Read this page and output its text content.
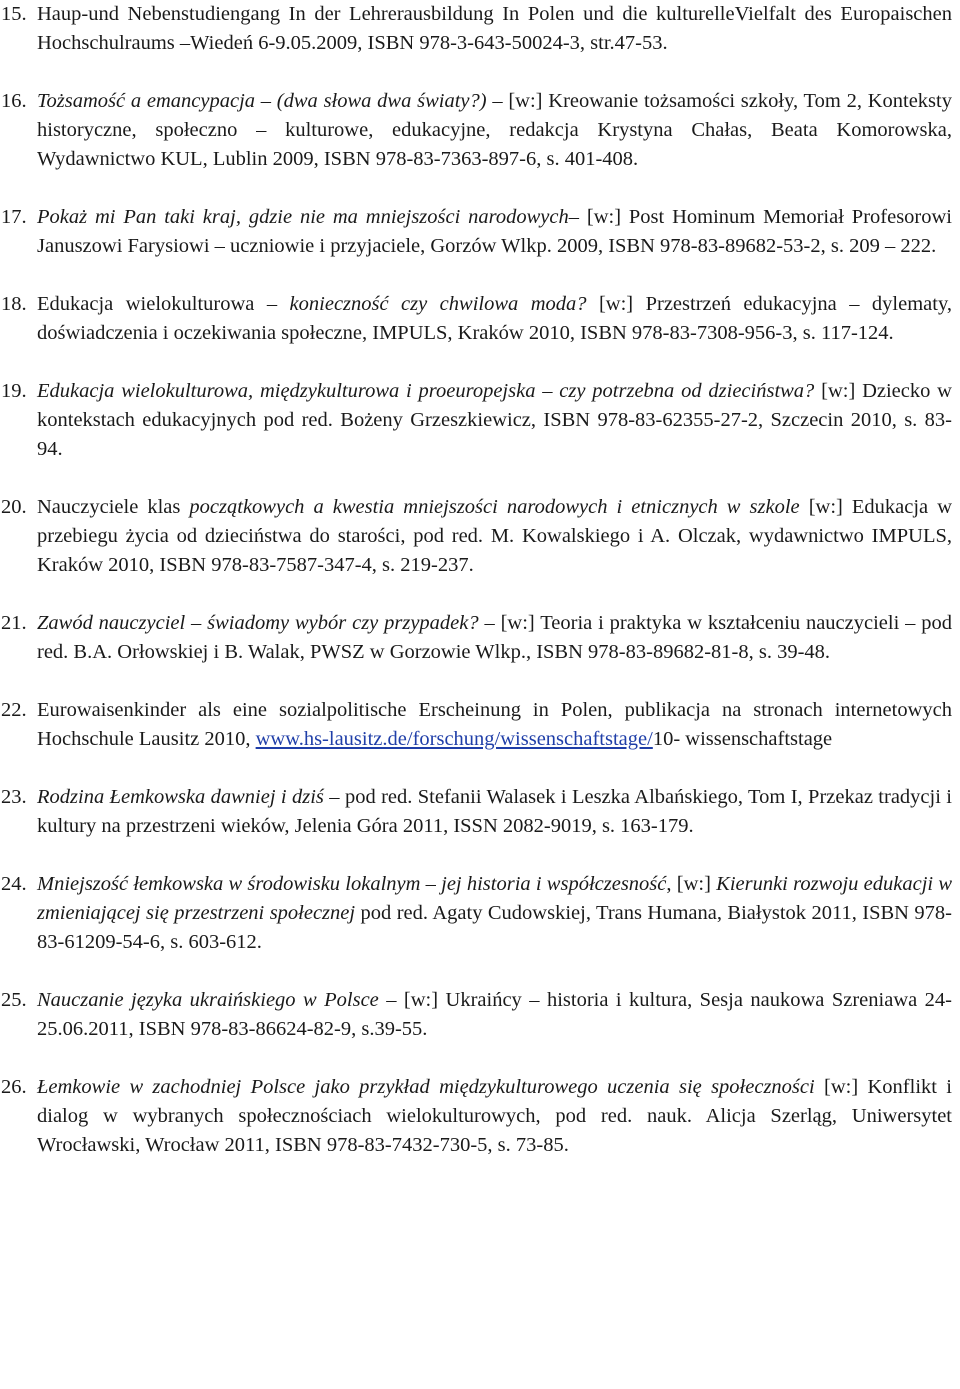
15. Haup-und Nebenstudiengang In der Lehrerausbildung In Polen und die kulturelleVielfalt des Europaischen Hochschulraums –Wiedeń 6-9.05.2009, ISBN 978-3-643-50024-3, str.47-53.
16. Tożsamość a emancypacja – (dwa słowa dwa światy?) – [w:] Kreowanie tożsamości szkoły, Tom 2, Konteksty historyczne, społeczno – kulturowe, edukacyjne, redakcja Krystyna Chałas, Beata Komorowska, Wydawnictwo KUL, Lublin 2009, ISBN 978-83-7363-897-6, s. 401-408.
17. Pokaż mi Pan taki kraj, gdzie nie ma mniejszości narodowych– [w:] Post Hominum Memoriał Profesorowi Januszowi Farysiowi – uczniowie i przyjaciele, Gorzów Wlkp. 2009, ISBN 978-83-89682-53-2, s. 209 – 222.
18. Edukacja wielokulturowa – konieczność czy chwilowa moda? [w:] Przestrzeń edukacyjna – dylematy, doświadczenia i oczekiwania społeczne, IMPULS, Kraków 2010, ISBN 978-83-7308-956-3, s. 117-124.
19. Edukacja wielokulturowa, międzykulturowa i proeuropejska – czy potrzebna od dzieciństwa? [w:] Dziecko w kontekstach edukacyjnych pod red. Bożeny Grzeszkiewicz, ISBN 978-83-62355-27-2, Szczecin 2010, s. 83-94.
20. Nauczyciele klas początkowych a kwestia mniejszości narodowych i etnicznych w szkole [w:] Edukacja w przebiegu życia od dzieciństwa do starości, pod red. M. Kowalskiego i A. Olczak, wydawnictwo IMPULS, Kraków 2010, ISBN 978-83-7587-347-4, s. 219-237.
21. Zawód nauczyciel – świadomy wybór czy przypadek? – [w:] Teoria i praktyka w kształceniu nauczycieli – pod red. B.A. Orłowskiej i B. Walak, PWSZ w Gorzowie Wlkp., ISBN 978-83-89682-81-8, s. 39-48.
22. Eurowaisenkinder als eine sozialpolitische Erscheinung in Polen, publikacja na stronach internetowych Hochschule Lausitz 2010, www.hs-lausitz.de/forschung/wissenschaftstage/10- wissenschaftstage
23. Rodzina Łemkowska dawniej i dziś – pod red. Stefanii Walasek i Leszka Albańskiego, Tom I, Przekaz tradycji i kultury na przestrzeni wieków, Jelenia Góra 2011, ISSN 2082-9019, s. 163-179.
24. Mniejszość łemkowska w środowisku lokalnym – jej historia i współczesność, [w:] Kierunki rozwoju edukacji w zmieniającej się przestrzeni społecznej pod red. Agaty Cudowskiej, Trans Humana, Białystok 2011, ISBN 978-83-61209-54-6, s. 603-612.
25. Nauczanie języka ukraińskiego w Polsce – [w:] Ukraińcy – historia i kultura, Sesja naukowa Szreniawa 24-25.06.2011, ISBN 978-83-86624-82-9, s.39-55.
26. Łemkowie w zachodniej Polsce jako przykład międzykulturowego uczenia się społeczności [w:] Konflikt i dialog w wybranych społecznościach wielokulturowych, pod red. nauk. Alicja Szerląg, Uniwersytet Wrocławski, Wrocław 2011, ISBN 978-83-7432-730-5, s. 73-85.
